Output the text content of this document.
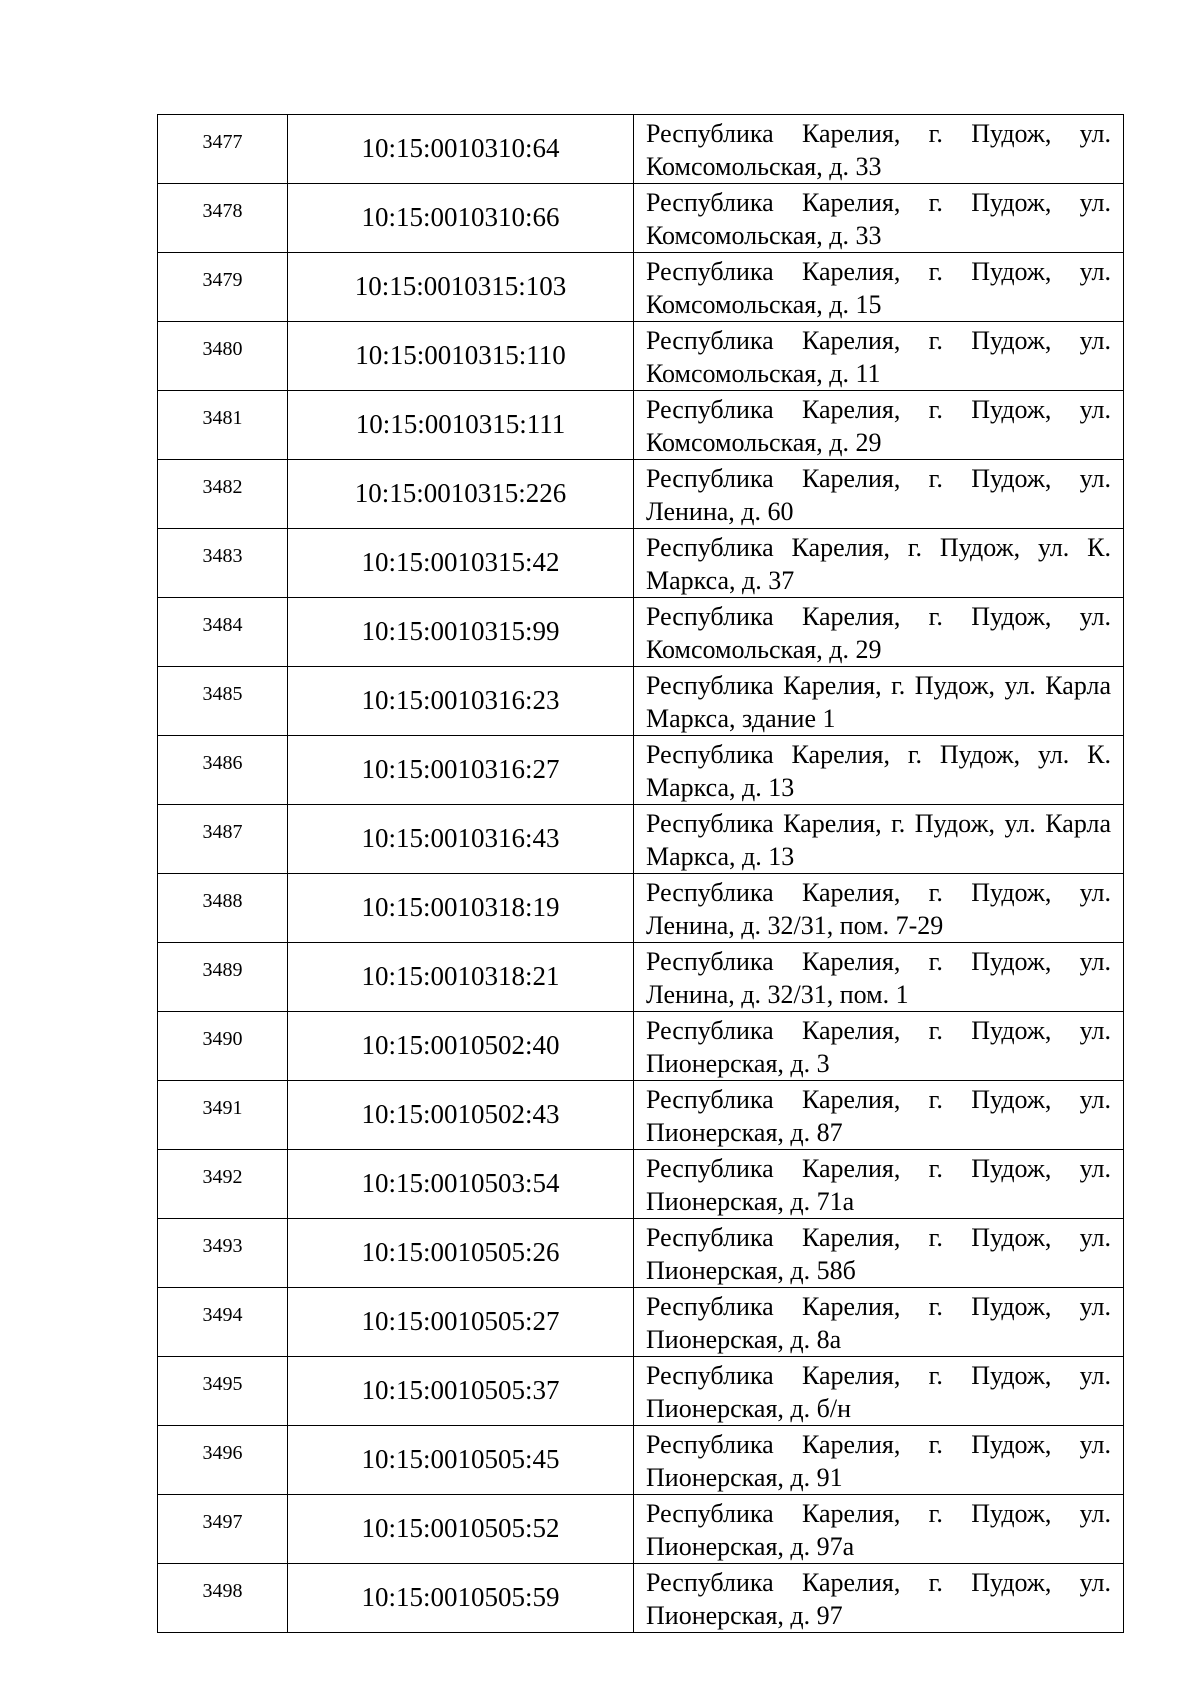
3477	10:15:0010310:64	Республика Карелия, г. Пудож, ул. Комсомольская, д. 33
3478	10:15:0010310:66	Республика Карелия, г. Пудож, ул. Комсомольская, д. 33
3479	10:15:0010315:103	Республика Карелия, г. Пудож, ул. Комсомольская, д. 15
3480	10:15:0010315:110	Республика Карелия, г. Пудож, ул. Комсомольская, д. 11
3481	10:15:0010315:111	Республика Карелия, г. Пудож, ул. Комсомольская, д. 29
3482	10:15:0010315:226	Республика Карелия, г. Пудож, ул. Ленина, д. 60
3483	10:15:0010315:42	Республика Карелия, г. Пудож, ул. К. Маркса, д. 37
3484	10:15:0010315:99	Республика Карелия, г. Пудож, ул. Комсомольская, д. 29
3485	10:15:0010316:23	Республика Карелия, г. Пудож, ул. Карла Маркса, здание 1
3486	10:15:0010316:27	Республика Карелия, г. Пудож, ул. К. Маркса, д. 13
3487	10:15:0010316:43	Республика Карелия, г. Пудож, ул. Карла Маркса, д. 13
3488	10:15:0010318:19	Республика Карелия, г. Пудож, ул. Ленина, д. 32/31, пом. 7-29
3489	10:15:0010318:21	Республика Карелия, г. Пудож, ул. Ленина, д. 32/31, пом. 1
3490	10:15:0010502:40	Республика Карелия, г. Пудож, ул. Пионерская, д. 3
3491	10:15:0010502:43	Республика Карелия, г. Пудож, ул. Пионерская, д. 87
3492	10:15:0010503:54	Республика Карелия, г. Пудож, ул. Пионерская, д. 71а
3493	10:15:0010505:26	Республика Карелия, г. Пудож, ул. Пионерская, д. 58б
3494	10:15:0010505:27	Республика Карелия, г. Пудож, ул. Пионерская, д. 8а
3495	10:15:0010505:37	Республика Карелия, г. Пудож, ул. Пионерская, д. б/н
3496	10:15:0010505:45	Республика Карелия, г. Пудож, ул. Пионерская, д. 91
3497	10:15:0010505:52	Республика Карелия, г. Пудож, ул. Пионерская, д. 97а
3498	10:15:0010505:59	Республика Карелия, г. Пудож, ул. Пионерская, д. 97
